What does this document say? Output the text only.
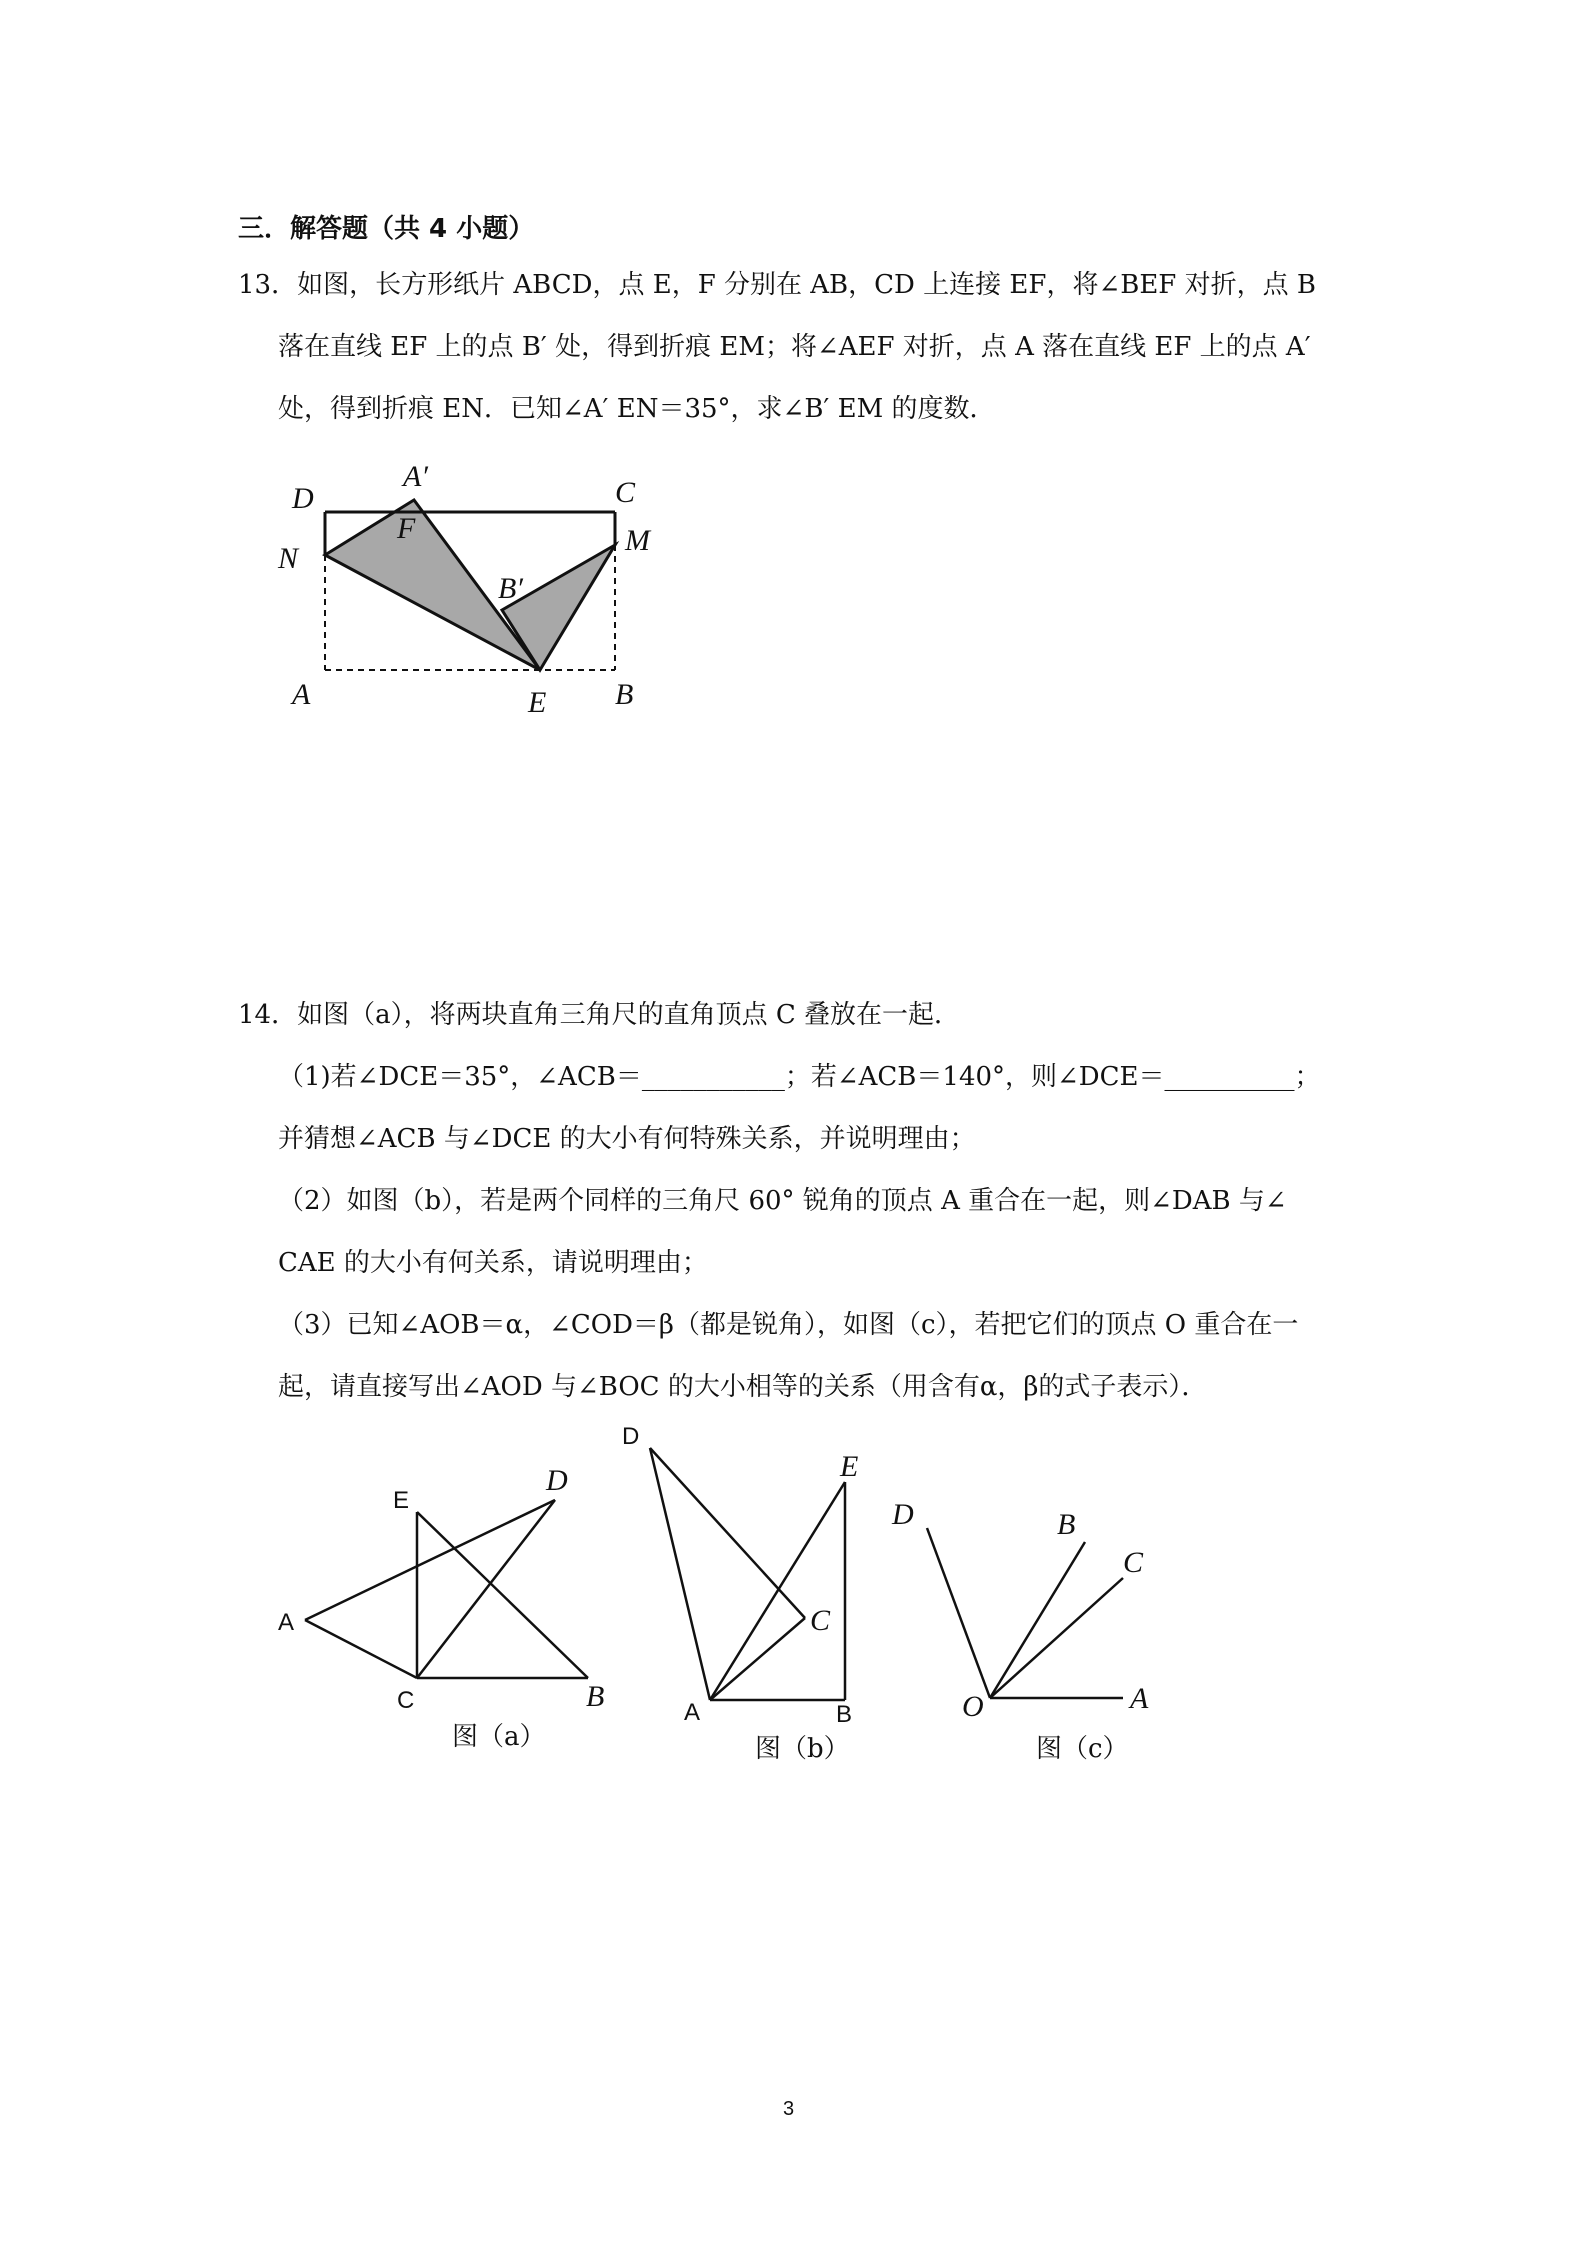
三．解答题（共 4 小题）
13．如图，长方形纸片 ABCD，点 E，F 分别在 AB，CD 上连接 EF，将∠BEF 对折，点 B
落在直线 EF 上的点 B′ 处，得到折痕 EM；将∠AEF 对折，点 A 落在直线 EF 上的点 A′
处，得到折痕 EN．已知∠A′ EN＝35°，求∠B′ EM 的度数．
D
A′	C
F
N
M
B′
A	E B
14．如图（a），将两块直角三角尺的直角顶点 C 叠放在一起．
（1)若∠DCE＝35°，∠ACB＝___________；若∠ACB＝140°，则∠DCE＝__________；
并猜想∠ACB 与∠DCE 的大小有何特殊关系，并说明理由；
（2）如图（b），若是两个同样的三角尺 60° 锐角的顶点 A 重合在一起，则∠DAB 与∠
CAE 的大小有何关系，请说明理由；
（3）已知∠AOB＝α，∠COD＝β（都是锐角），如图（c），若把它们的顶点 O 重合在一
起，请直接写出∠AOD 与∠BOC 的大小相等的关系（用含有α，β的式子表示）．
E
D
A
C	B
图（a）
D
E
C
A	B
图（b）
D	B
C
O	A
图（c）
3
